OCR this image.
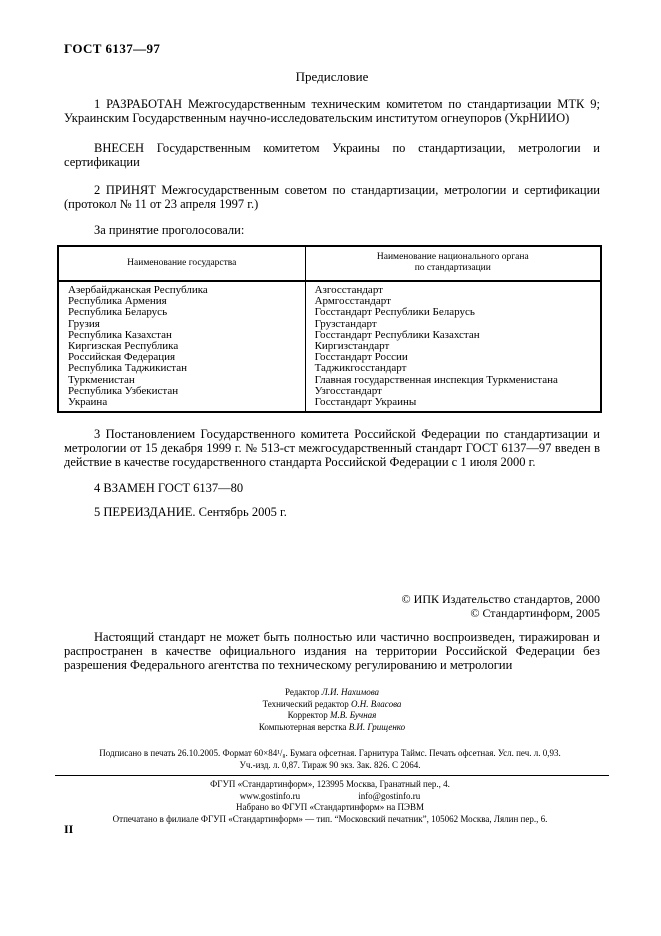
ГОСТ 6137—97
Предисловие

1 РАЗРАБОТАН Межгосударственным техническим комитетом по стандартизации МТК 9; Украинским Государственным научно-исследовательским институтом огнеупоров (УкрНИИО)

ВНЕСЕН Государственным комитетом Украины по стандартизации, метрологии и сертификации

2 ПРИНЯТ Межгосударственным советом по стандартизации, метрологии и сертификации (протокол № 11 от 23 апреля 1997 г.)

За принятие проголосовали:

Наименование государства	Наименование национального органа
по стандартизации
Азербайджанская Республика	Азгосстандарт
Республика Армения	Армгосстандарт
Республика Беларусь	Госстандарт Республики Беларусь
Грузия	Грузстандарт
Республика Казахстан	Госстандарт Республики Казахстан
Киргизская Республика	Киргизстандарт
Российская Федерация	Госстандарт России
Республика Таджикистан	Таджикгосстандарт
Туркменистан	Главная государственная инспекция Туркменистана
Республика Узбекистан	Узгосстандарт
Украина	Госстандарт Украины

3 Постановлением Государственного комитета Российской Федерации по стандартизации и метрологии от 15 декабря 1999 г. № 513-ст межгосударственный стандарт ГОСТ 6137—97 введен в действие в качестве государственного стандарта Российской Федерации с 1 июля 2000 г.

4 ВЗАМЕН ГОСТ 6137—80

5 ПЕРЕИЗДАНИЕ. Сентябрь 2005 г.

© ИПК Издательство стандартов, 2000
© Стандартинформ, 2005

Настоящий стандарт не может быть полностью или частично воспроизведен, тиражирован и распространен в качестве официального издания на территории Российской Федерации без разрешения Федерального агентства по техническому регулированию и метрологии

Редактор Л.И. Нахимова
Технический редактор О.Н. Власова
Корректор М.В. Бучная
Компьютерная верстка В.И. Грищенко
Подписано в печать 26.10.2005. Формат 60×84¹/₈. Бумага офсетная. Гарнитура Таймс. Печать офсетная. Усл. печ. л. 0,93.
Уч.-изд. л. 0,87. Тираж 90 экз. Зак. 826. С 2064.
ФГУП «Стандартинформ», 123995 Москва, Гранатный пер., 4.
www.gostinfo.ru	info@gostinfo.ru
Набрано во ФГУП «Стандартинформ» на ПЭВМ
Отпечатано в филиале ФГУП «Стандартинформ» — тип. “Московский печатник”, 105062 Москва, Лялин пер., 6.
II
